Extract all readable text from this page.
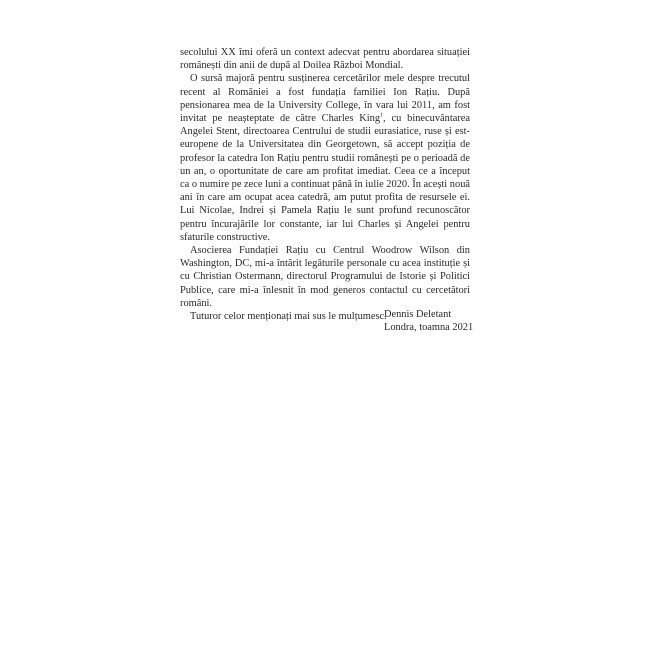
secolului XX îmi oferă un context adecvat pentru abordarea situației românești din anii de după al Doilea Război Mondial.

O sursă majoră pentru susținerea cercetărilor mele despre trecutul recent al României a fost fundația familiei Ion Rațiu. După pensionarea mea de la University College, în vara lui 2011, am fost invitat pe neașteptate de către Charles King$^1$, cu binecuvântarea Angelei Stent, directoarea Centrului de studii eurasiatice, ruse și est-europene de la Universitatea din Georgetown, să accept poziția de profesor la catedra Ion Rațiu pentru studii românești pe o perioadă de un an, o oportunitate de care am profitat imediat. Ceea ce a început ca o numire pe zece luni a continuat până în iulie 2020. În acești nouă ani în care am ocupat acea catedră, am putut profita de resursele ei. Lui Nicolae, Indrei și Pamela Rațiu le sunt profund recunoscător pentru încurajările lor constante, iar lui Charles și Angelei pentru sfaturile constructive.

Asocierea Fundației Rațiu cu Centrul Woodrow Wilson din Washington, DC, mi-a întărit legăturile personale cu acea instituție și cu Christian Ostermann, directorul Programului de Istorie și Politici Publice, care mi-a înlesnit în mod generos contactul cu cercetători români.

Tuturor celor menționați mai sus le mulțumesc.

Dennis Deletant
Londra, toamna 2021
